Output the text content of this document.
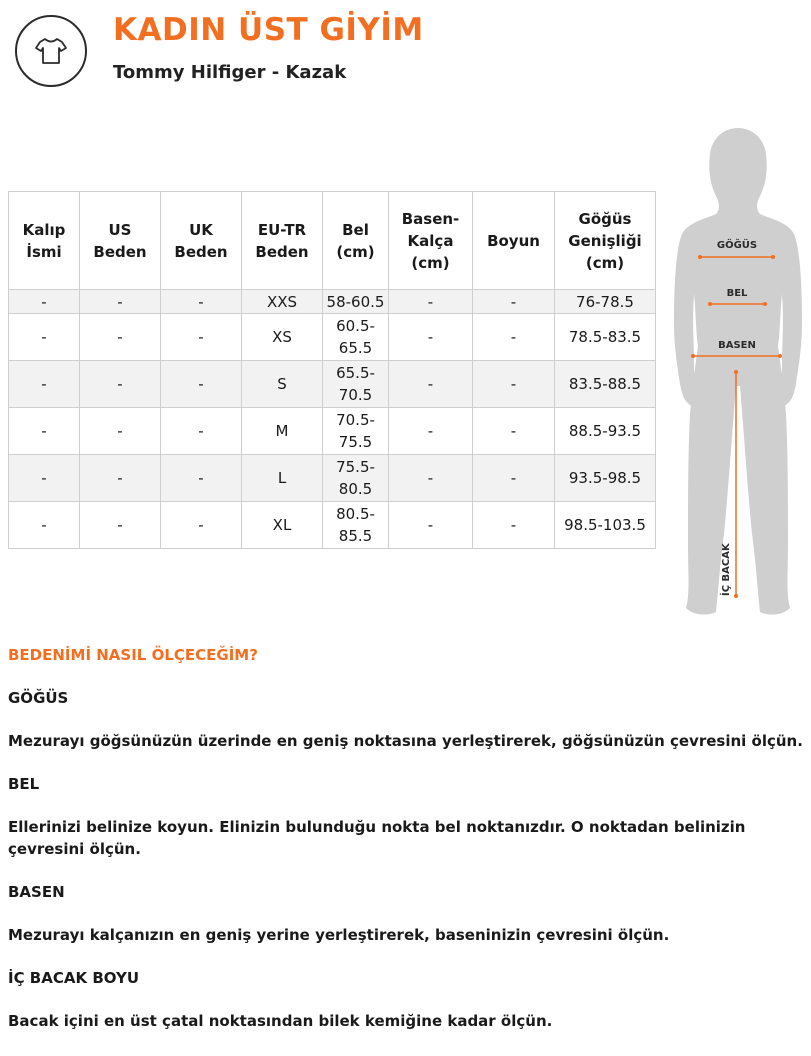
KADIN ÜST GİYİM
Tommy Hilfiger - Kazak
Kalıp İsmi	US Beden	UK Beden	EU-TR Beden	Bel (cm)	Basen-Kalça (cm)	Boyun	Göğüs Genişliği (cm)
-	-	-	XXS	58-60.5	-	-	76-78.5
-	-	-	XS	60.5-65.5	-	-	78.5-83.5
-	-	-	S	65.5-70.5	-	-	83.5-88.5
-	-	-	M	70.5-75.5	-	-	88.5-93.5
-	-	-	L	75.5-80.5	-	-	93.5-98.5
-	-	-	XL	80.5-85.5	-	-	98.5-103.5
GÖĞÜS
BEL
BASEN
İÇ BACAK

BEDENİMİ NASIL ÖLÇECEĞİM?

GÖĞÜS

Mezurayı göğsünüzün üzerinde en geniş noktasına yerleştirerek, göğsünüzün çevresini ölçün.

BEL

Ellerinizi belinize koyun. Elinizin bulunduğu nokta bel noktanızdır. O noktadan belinizin çevresini ölçün.

BASEN

Mezurayı kalçanızın en geniş yerine yerleştirerek, baseninizin çevresini ölçün.

İÇ BACAK BOYU

Bacak içini en üst çatal noktasından bilek kemiğine kadar ölçün.
